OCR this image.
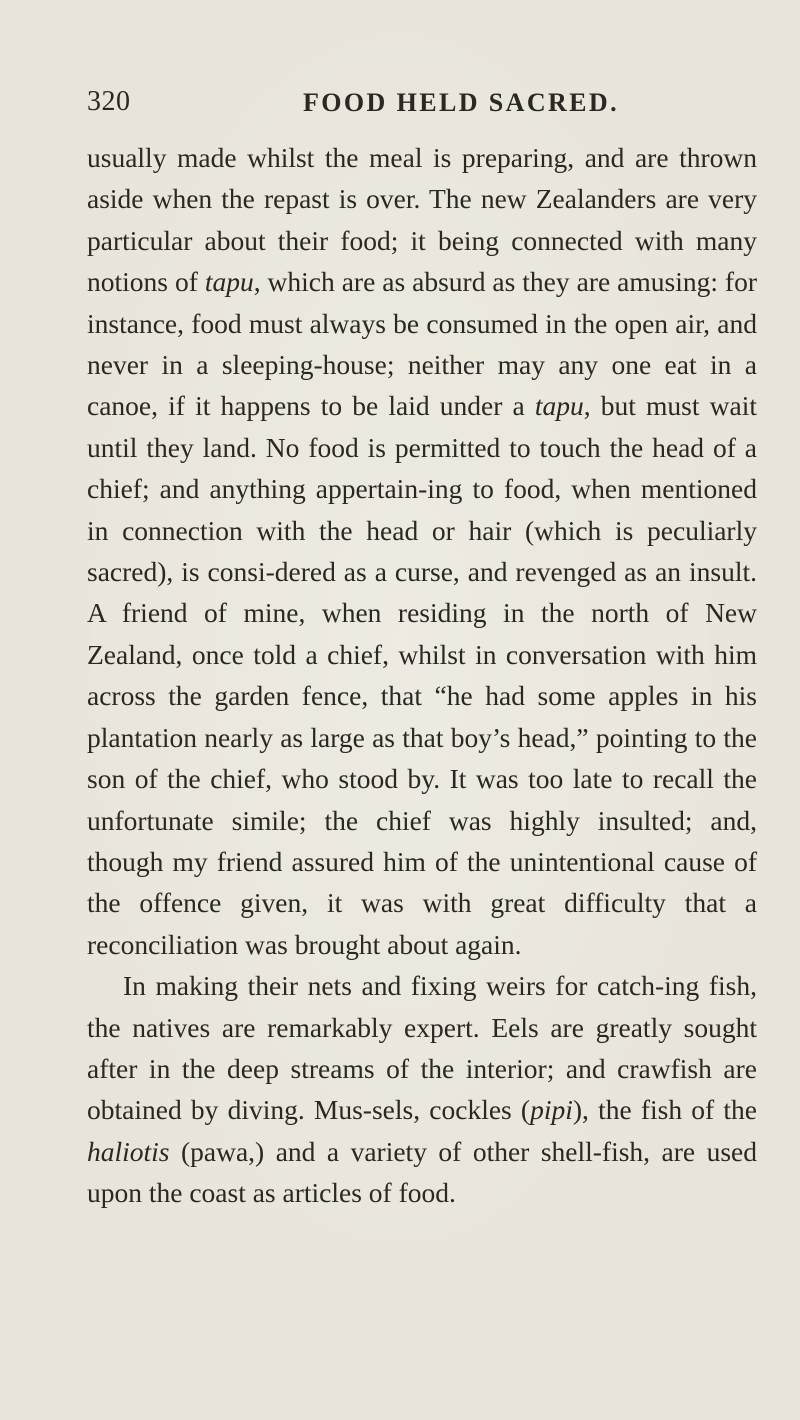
320	FOOD HELD SACRED.

usually made whilst the meal is preparing, and are thrown aside when the repast is over. The new Zealanders are very particular about their food; it being connected with many notions of tapu, which are as absurd as they are amusing: for instance, food must always be consumed in the open air, and never in a sleeping-house; neither may any one eat in a canoe, if it happens to be laid under a tapu, but must wait until they land. No food is permitted to touch the head of a chief; and anything appertain-ing to food, when mentioned in connection with the head or hair (which is peculiarly sacred), is consi-dered as a curse, and revenged as an insult. A friend of mine, when residing in the north of New Zealand, once told a chief, whilst in conversation with him across the garden fence, that “he had some apples in his plantation nearly as large as that boy’s head,” pointing to the son of the chief, who stood by. It was too late to recall the unfortunate simile; the chief was highly insulted; and, though my friend assured him of the unintentional cause of the offence given, it was with great difficulty that a reconciliation was brought about again.

In making their nets and fixing weirs for catch-ing fish, the natives are remarkably expert. Eels are greatly sought after in the deep streams of the interior; and crawfish are obtained by diving. Mus-sels, cockles (pipi), the fish of the haliotis (pawa,) and a variety of other shell-fish, are used upon the coast as articles of food.
